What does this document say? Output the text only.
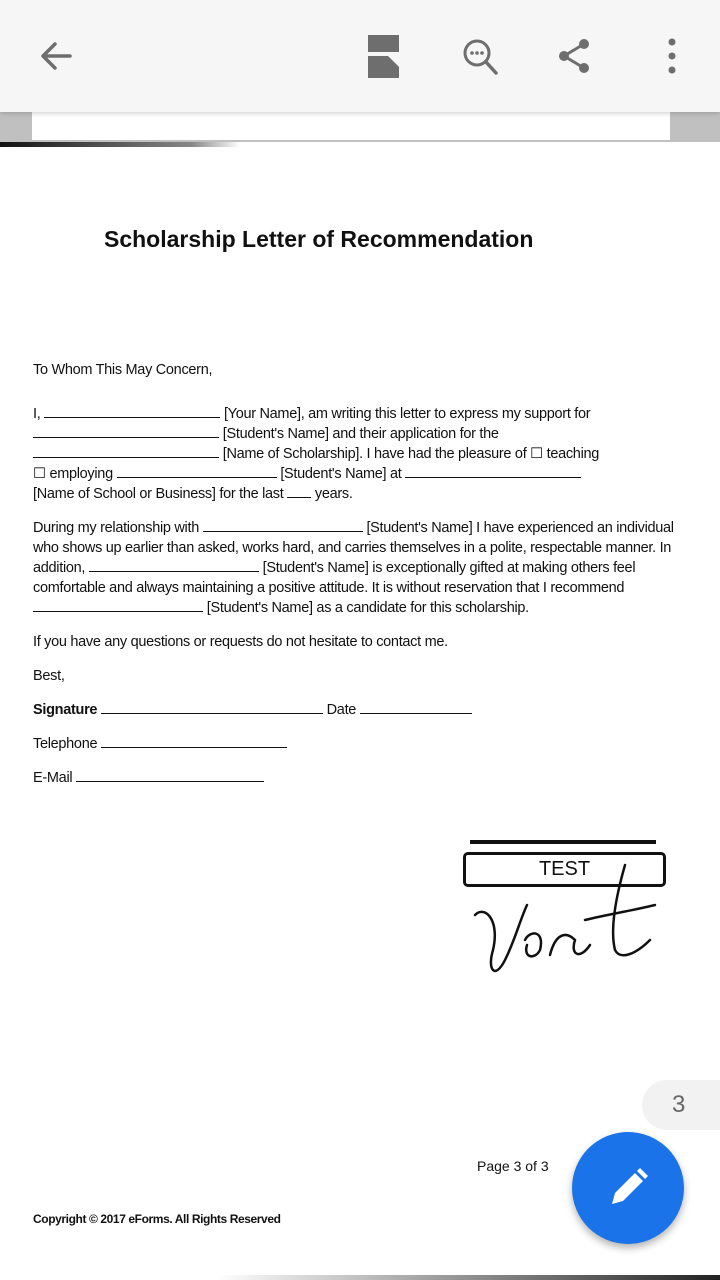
Scholarship Letter of Recommendation

To Whom This May Concern,

I,	[Your Name], am writing this letter to express my support for
[Student's Name] and their application for the
[Name of Scholarship]. I have had the pleasure of ☐ teaching
☐ employing	[Student's Name] at
[Name of School or Business] for the last years.

During my relationship with	[Student's Name] I have experienced an individual who shows up earlier than asked, works hard, and carries themselves in a polite, respectable manner. In addition,	[Student's Name] is exceptionally gifted at making others feel comfortable and always maintaining a positive attitude. It is without reservation that I recommend  [Student's Name] as a candidate for this scholarship.

If you have any questions or requests do not hesitate to contact me.

Best,

Signature	Date

Telephone

E-Mail

TEST
Page 3 of 3
Copyright © 2017 eForms. All Rights Reserved
3
